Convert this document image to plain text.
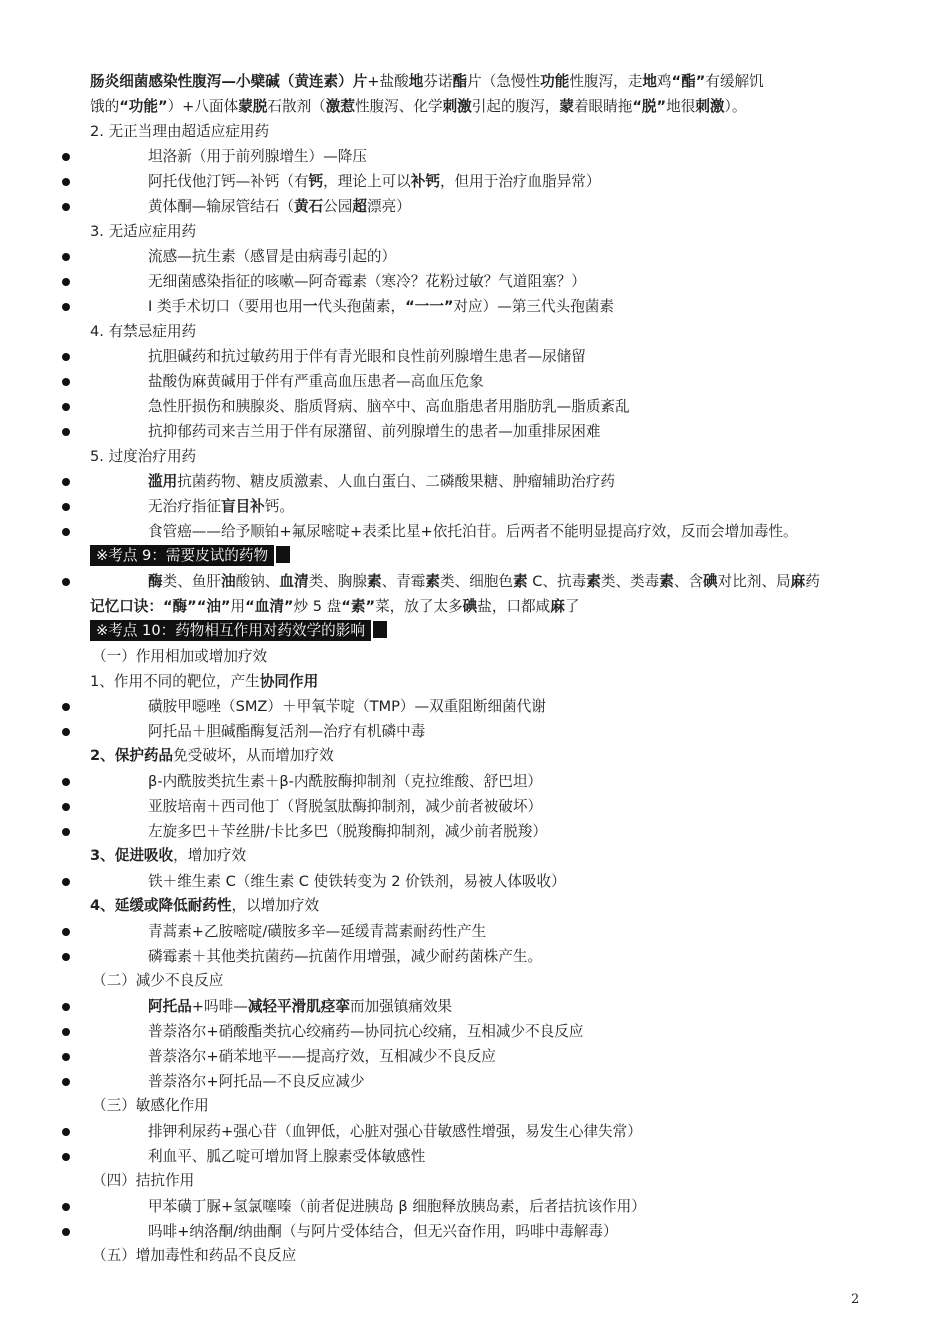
肠炎细菌感染性腹泻—小檗碱（黄连素）片+盐酸地芬诺酯片（急慢性功能性腹泻，走地鸡“酯”有缓解饥
饿的“功能”）+八面体蒙脱石散剂（激惹性腹泻、化学刺激引起的腹泻，蒙着眼睛拖“脱”地很刺激）。
2. 无正当理由超适应症用药
坦洛新（用于前列腺增生）—降压
阿托伐他汀钙—补钙（有钙，理论上可以补钙，但用于治疗血脂异常）
黄体酮—输尿管结石（黄石公园超漂亮）
3. 无适应症用药
流感—抗生素（感冒是由病毒引起的）
无细菌感染指征的咳嗽—阿奇霉素（寒冷？花粉过敏？气道阻塞？）
Ⅰ 类手术切口（要用也用一代头孢菌素，“一一”对应）—第三代头孢菌素
4. 有禁忌症用药
抗胆碱药和抗过敏药用于伴有青光眼和良性前列腺增生患者—尿储留
盐酸伪麻黄碱用于伴有严重高血压患者—高血压危象
急性肝损伤和胰腺炎、脂质肾病、脑卒中、高血脂患者用脂肪乳—脂质紊乱
抗抑郁药司来吉兰用于伴有尿潴留、前列腺增生的患者—加重排尿困难
5. 过度治疗用药
滥用抗菌药物、糖皮质激素、人血白蛋白、二磷酸果糖、肿瘤辅助治疗药
无治疗指征盲目补钙。
食管癌——给予顺铂+氟尿嘧啶+表柔比星+依托泊苷。后两者不能明显提高疗效，反而会增加毒性。
※考点 9：需要皮试的药物
酶类、鱼肝油酸钠、血清类、胸腺素、青霉素类、细胞色素 C、抗毒素类、类毒素、含碘对比剂、局麻药
记忆口诀：“酶”“油”用“血清”炒 5 盘“素”菜，放了太多碘盐，口都咸麻了
※考点 10：药物相互作用对药效学的影响
（一）作用相加或增加疗效
1、作用不同的靶位，产生协同作用
磺胺甲噁唑（SMZ）＋甲氧苄啶（TMP）—双重阻断细菌代谢
阿托品＋胆碱酯酶复活剂—治疗有机磷中毒
2、保护药品免受破坏，从而增加疗效
β-内酰胺类抗生素＋β-内酰胺酶抑制剂（克拉维酸、舒巴坦）
亚胺培南＋西司他丁（肾脱氢肽酶抑制剂，减少前者被破坏）
左旋多巴＋苄丝肼/卡比多巴（脱羧酶抑制剂，减少前者脱羧）
3、促进吸收，增加疗效
铁＋维生素 C（维生素 C 使铁转变为 2 价铁剂，易被人体吸收）
4、延缓或降低耐药性，以增加疗效
青蒿素+乙胺嘧啶/磺胺多辛—延缓青蒿素耐药性产生
磷霉素＋其他类抗菌药—抗菌作用增强，减少耐药菌株产生。
（二）减少不良反应
阿托品+吗啡—减轻平滑肌痉挛而加强镇痛效果
普萘洛尔+硝酸酯类抗心绞痛药—协同抗心绞痛，互相减少不良反应
普萘洛尔+硝苯地平——提高疗效，互相减少不良反应
普萘洛尔+阿托品—不良反应减少
（三）敏感化作用
排钾利尿药+强心苷（血钾低，心脏对强心苷敏感性增强，易发生心律失常）
利血平、胍乙啶可增加肾上腺素受体敏感性
（四）拮抗作用
甲苯磺丁脲+氢氯噻嗪（前者促进胰岛 β 细胞释放胰岛素，后者拮抗该作用）
吗啡+纳洛酮/纳曲酮（与阿片受体结合，但无兴奋作用，吗啡中毒解毒）
（五）增加毒性和药品不良反应
2
